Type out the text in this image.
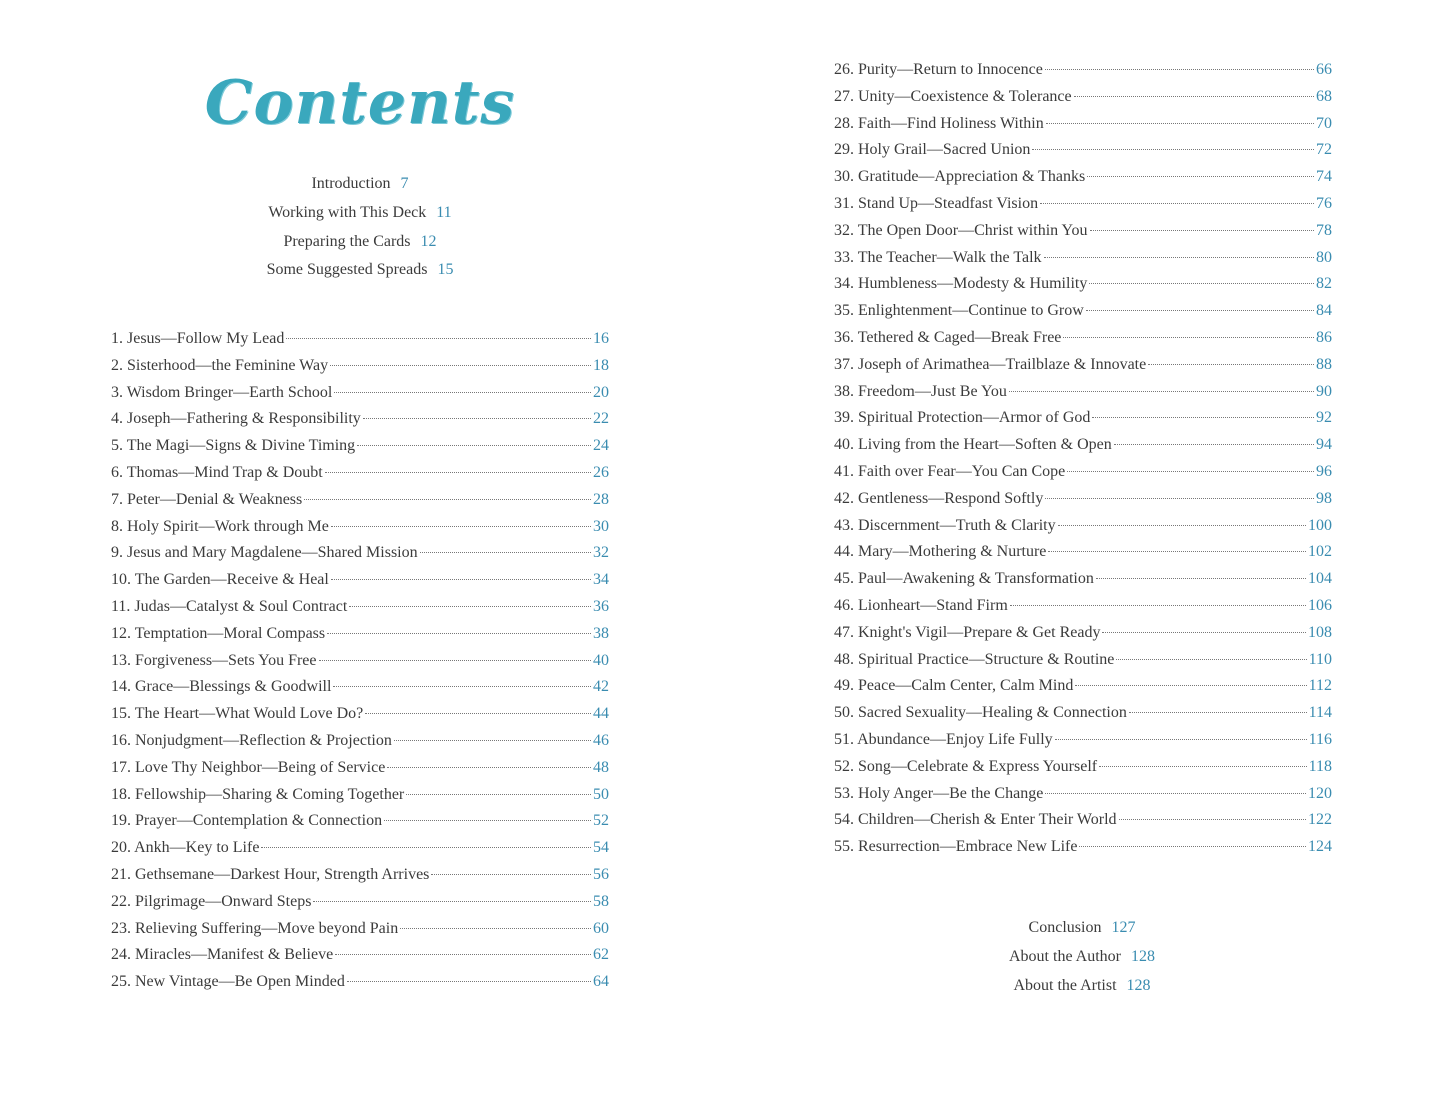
Contents
Introduction 7
Working with This Deck 11
Preparing the Cards 12
Some Suggested Spreads 15
1. Jesus—Follow My Lead	16
2. Sisterhood—the Feminine Way	18
3. Wisdom Bringer—Earth School	20
4. Joseph—Fathering & Responsibility	22
5. The Magi—Signs & Divine Timing	24
6. Thomas—Mind Trap & Doubt	26
7. Peter—Denial & Weakness	28
8. Holy Spirit—Work through Me	30
9. Jesus and Mary Magdalene—Shared Mission	32
10. The Garden—Receive & Heal	34
11. Judas—Catalyst & Soul Contract	36
12. Temptation—Moral Compass	38
13. Forgiveness—Sets You Free	40
14. Grace—Blessings & Goodwill	42
15. The Heart—What Would Love Do?	44
16. Nonjudgment—Reflection & Projection	46
17. Love Thy Neighbor—Being of Service	48
18. Fellowship—Sharing & Coming Together	50
19. Prayer—Contemplation & Connection	52
20. Ankh—Key to Life	54
21. Gethsemane—Darkest Hour, Strength Arrives	56
22. Pilgrimage—Onward Steps	58
23. Relieving Suffering—Move beyond Pain	60
24. Miracles—Manifest & Believe	62
25. New Vintage—Be Open Minded	64
26. Purity—Return to Innocence	66
27. Unity—Coexistence & Tolerance	68
28. Faith—Find Holiness Within	70
29. Holy Grail—Sacred Union	72
30. Gratitude—Appreciation & Thanks	74
31. Stand Up—Steadfast Vision	76
32. The Open Door—Christ within You	78
33. The Teacher—Walk the Talk	80
34. Humbleness—Modesty & Humility	82
35. Enlightenment—Continue to Grow	84
36. Tethered & Caged—Break Free	86
37. Joseph of Arimathea—Trailblaze & Innovate	88
38. Freedom—Just Be You	90
39. Spiritual Protection—Armor of God	92
40. Living from the Heart—Soften & Open	94
41. Faith over Fear—You Can Cope	96
42. Gentleness—Respond Softly	98
43. Discernment—Truth & Clarity	100
44. Mary—Mothering & Nurture	102
45. Paul—Awakening & Transformation	104
46. Lionheart—Stand Firm	106
47. Knight's Vigil—Prepare & Get Ready	108
48. Spiritual Practice—Structure & Routine	110
49. Peace—Calm Center, Calm Mind	112
50. Sacred Sexuality—Healing & Connection	114
51. Abundance—Enjoy Life Fully	116
52. Song—Celebrate & Express Yourself	118
53. Holy Anger—Be the Change	120
54. Children—Cherish & Enter Their World	122
55. Resurrection—Embrace New Life	124
Conclusion 127
About the Author 128
About the Artist 128
